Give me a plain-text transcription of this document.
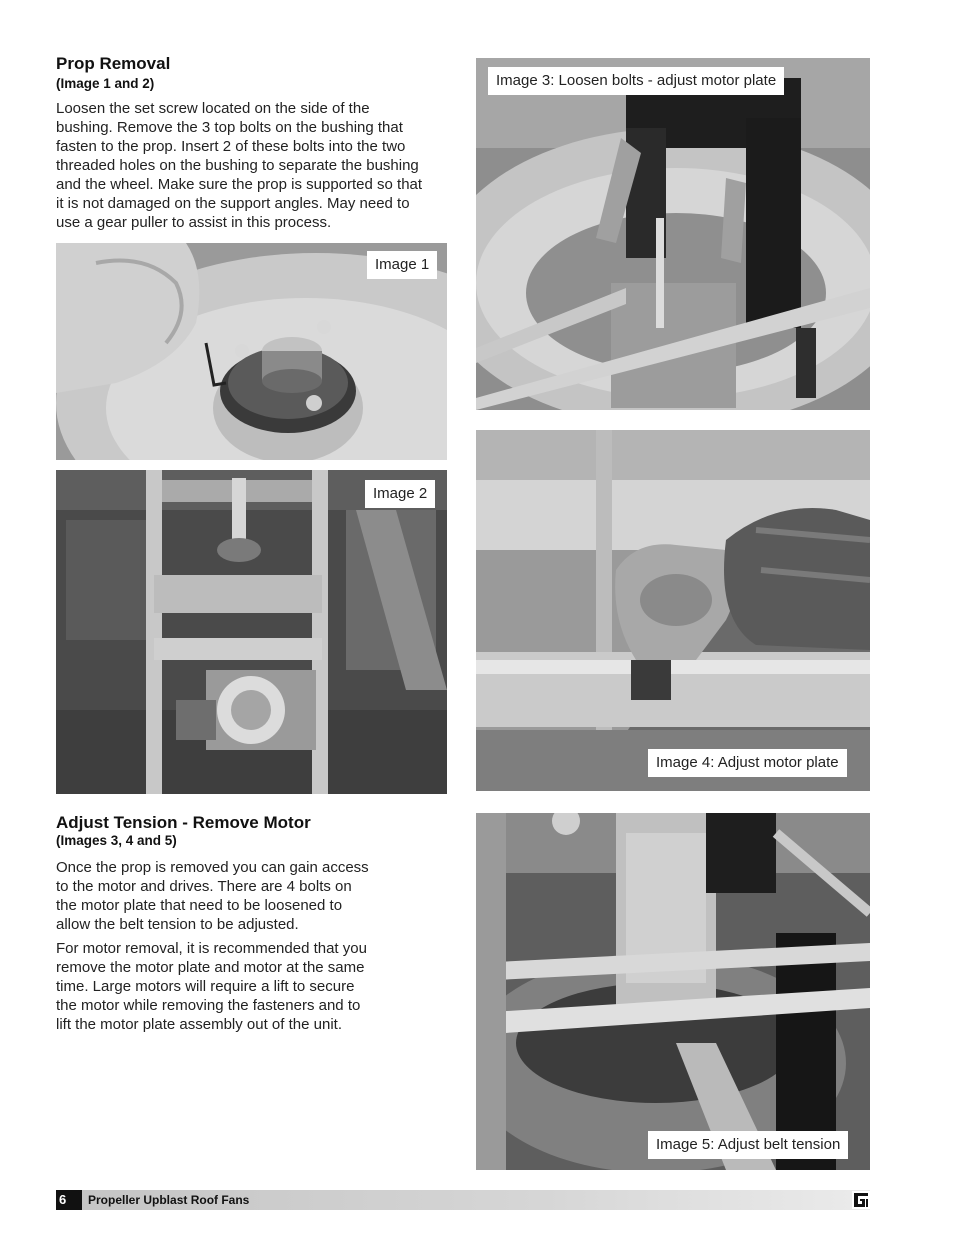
Prop Removal
(Image 1 and 2)
Loosen the set screw located on the side of the
bushing. Remove the 3 top bolts on the bushing that
fasten to the prop. Insert 2 of these bolts into the two
threaded holes on the bushing to separate the bushing
and the wheel. Make sure the prop is supported so that
it is not damaged on the support angles. May need to
use a gear puller to assist in this process.
Image 1
Image 2
Adjust Tension - Remove Motor
(Images 3, 4 and 5)
Once the prop is removed you can gain access
to the motor and drives. There are 4 bolts on
the motor plate that need to be loosened to
allow the belt tension to be adjusted.
For motor removal, it is recommended that you
remove the motor plate and motor at the same
time. Large motors will require a lift to secure
the motor while removing the fasteners and to
lift the motor plate assembly out of the unit.
Image 3: Loosen bolts - adjust motor plate
Image 4: Adjust motor plate
Image 5: Adjust belt tension
6	Propeller Upblast Roof Fans
